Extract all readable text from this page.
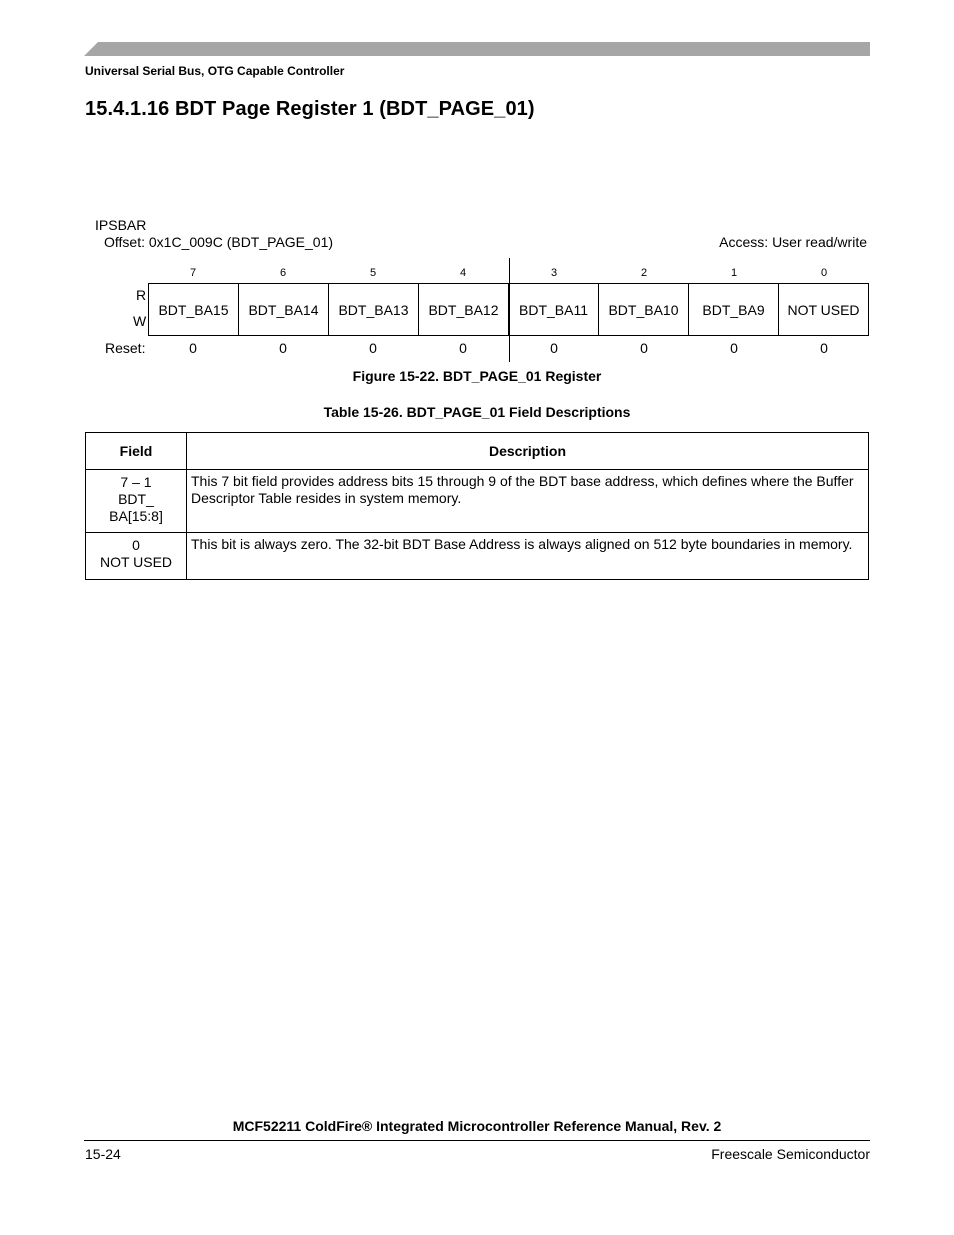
Universal Serial Bus, OTG Capable Controller
15.4.1.16 BDT Page Register 1 (BDT_PAGE_01)
IPSBAR
Offset: 0x1C_009C (BDT_PAGE_01)	Access: User read/write
7	6	5	4	3	2	1	0
R
W
BDT_BA15	BDT_BA14	BDT_BA13	BDT_BA12	BDT_BA11	BDT_BA10	BDT_BA9	NOT USED
Reset:	0	0	0	0	0	0	0	0
Figure 15-22. BDT_PAGE_01 Register
Table 15-26. BDT_PAGE_01 Field Descriptions
Field	Description

7 – 1
BDT_
BA[15:8]	This 7 bit field provides address bits 15 through 9 of the BDT base address, which defines where the Buffer Descriptor Table resides in system memory.

0
NOT USED	This bit is always zero. The 32-bit BDT Base Address is always aligned on 512 byte boundaries in memory.
MCF52211 ColdFire® Integrated Microcontroller Reference Manual, Rev. 2
15-24	Freescale Semiconductor
